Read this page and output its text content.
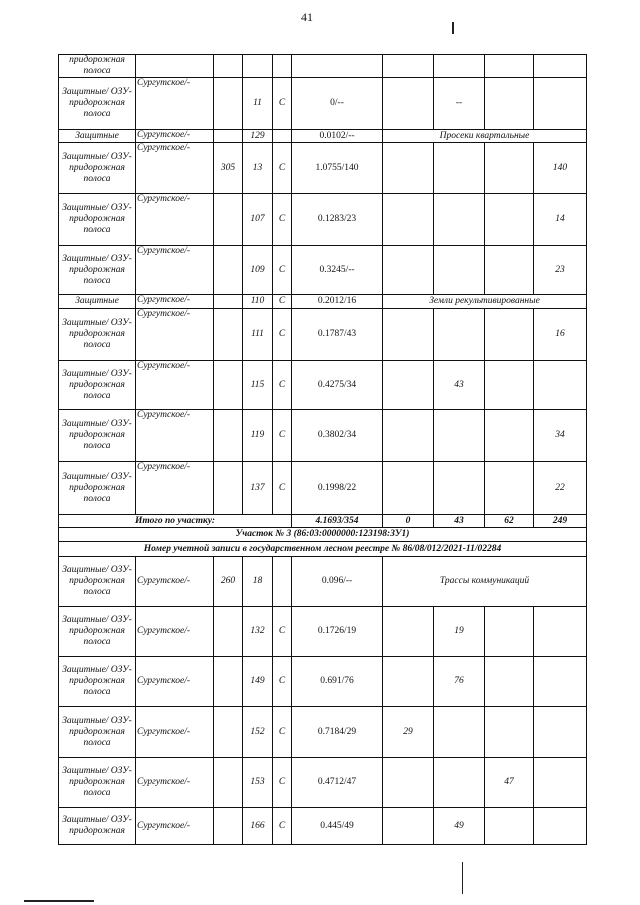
41
придорожная полоса									
Защитные/ ОЗУ- придорожная полоса	Сургутское/-		11	С	0/--		--		
Защитные	Сургутское/-		129		0.0102/--	Просеки квартальные			
Защитные/ ОЗУ- придорожная полоса	Сургутское/-	305	13	С	1.0755/140				140
Защитные/ ОЗУ- придорожная полоса	Сургутское/-		107	С	0.1283/23				14
Защитные/ ОЗУ- придорожная полоса	Сургутское/-		109	С	0.3245/--				23
Защитные	Сургутское/-		110	С	0.2012/16	Земли рекультивированные			
Защитные/ ОЗУ- придорожная полоса	Сургутское/-		111	С	0.1787/43				16
Защитные/ ОЗУ- придорожная полоса	Сургутское/-		115	С	0.4275/34		43		
Защитные/ ОЗУ- придорожная полоса	Сургутское/-		119	С	0.3802/34				34
Защитные/ ОЗУ- придорожная полоса	Сургутское/-		137	С	0.1998/22				22
Итого по участку:					4.1693/354	0	43	62	249
Участок № 3 (86:03:0000000:123198:ЗУ1)									
Номер учетной записи в государственном лесном реестре № 86/08/012/2021-11/02284									
Защитные/ ОЗУ- придорожная полоса	Сургутское/-	260	18		0.096/--	Трассы коммуникаций			
Защитные/ ОЗУ- придорожная полоса	Сургутское/-		132	С	0.1726/19		19		
Защитные/ ОЗУ- придорожная полоса	Сургутское/-		149	С	0.691/76		76		
Защитные/ ОЗУ- придорожная полоса	Сургутское/-		152	С	0.7184/29	29			
Защитные/ ОЗУ- придорожная полоса	Сургутское/-		153	С	0.4712/47			47	
Защитные/ ОЗУ- придорожная	Сургутское/-		166	С	0.445/49		49		
